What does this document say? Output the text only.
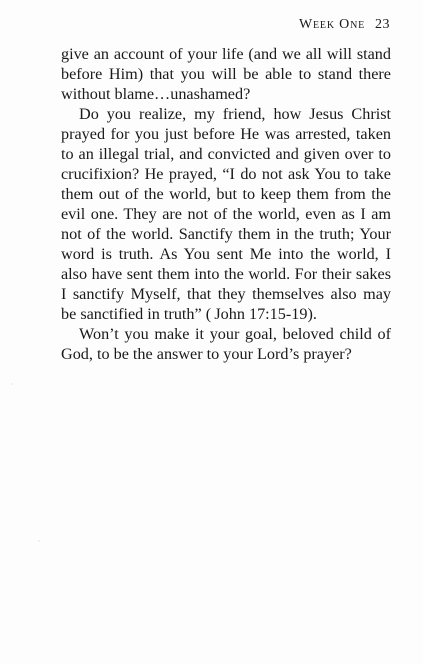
Week One 23

give an account of your life (and we all will stand before Him) that you will be able to stand there without blame…unashamed?

Do you realize, my friend, how Jesus Christ prayed for you just before He was arrested, taken to an illegal trial, and convicted and given over to crucifixion? He prayed, “I do not ask You to take them out of the world, but to keep them from the evil one. They are not of the world, even as I am not of the world. Sanctify them in the truth; Your word is truth. As You sent Me into the world, I also have sent them into the world. For their sakes I sanctify Myself, that they themselves also may be sanctified in truth” ( John 17:15-19).

Won’t you make it your goal, beloved child of God, to be the answer to your Lord’s prayer?
